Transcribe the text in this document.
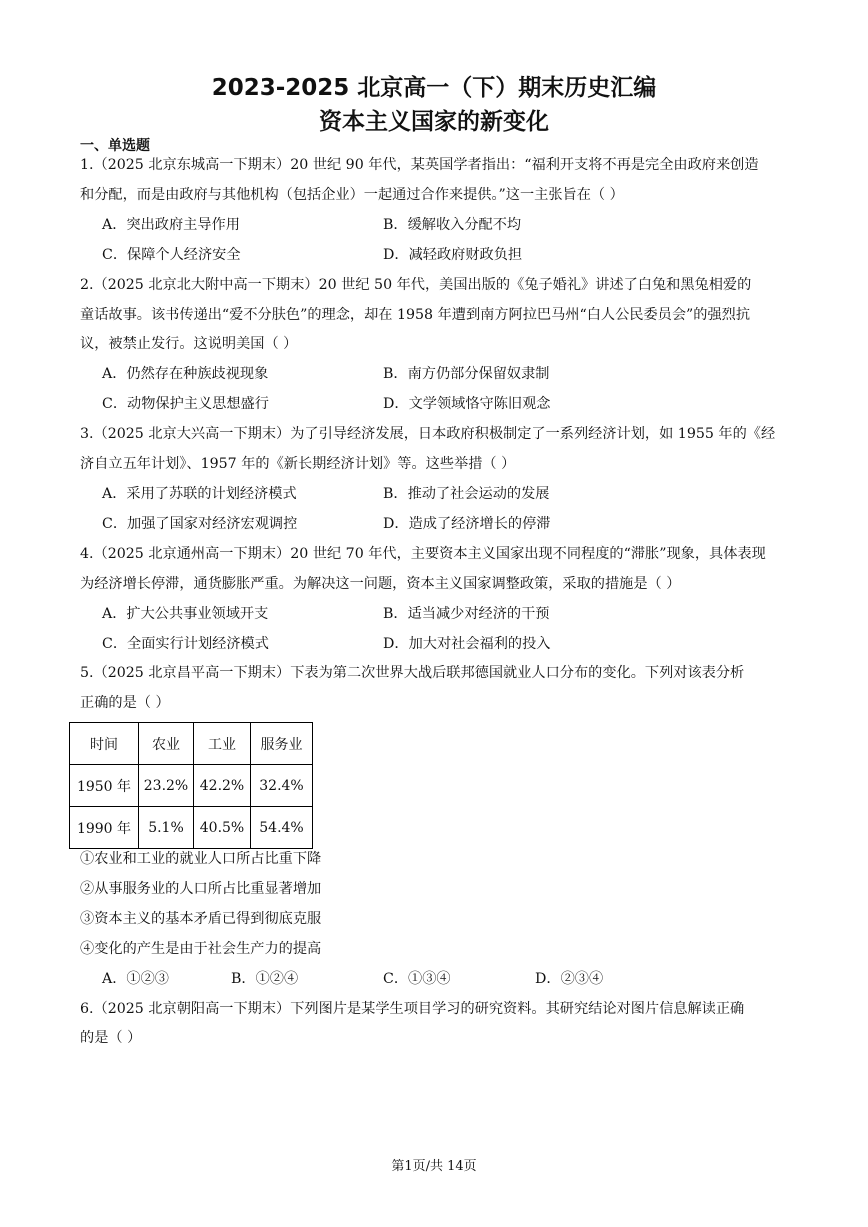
2023-2025 北京高一（下）期末历史汇编
资本主义国家的新变化
一、单选题
1.（2025 北京东城高一下期末）20 世纪 90 年代，某英国学者指出：“福利开支将不再是完全由政府来创造
和分配，而是由政府与其他机构（包括企业）一起通过合作来提供。”这一主张旨在（ ）
A．突出政府主导作用	B．缓解收入分配不均
C．保障个人经济安全	D．减轻政府财政负担
2.（2025 北京北大附中高一下期末）20 世纪 50 年代，美国出版的《兔子婚礼》讲述了白兔和黑兔相爱的
童话故事。该书传递出“爱不分肤色”的理念，却在 1958 年遭到南方阿拉巴马州“白人公民委员会”的强烈抗
议，被禁止发行。这说明美国（ ）
A．仍然存在种族歧视现象	B．南方仍部分保留奴隶制
C．动物保护主义思想盛行	D．文学领域恪守陈旧观念
3.（2025 北京大兴高一下期末）为了引导经济发展，日本政府积极制定了一系列经济计划，如 1955 年的《经
济自立五年计划》、1957 年的《新长期经济计划》等。这些举措（ ）
A．采用了苏联的计划经济模式	B．推动了社会运动的发展
C．加强了国家对经济宏观调控	D．造成了经济增长的停滞
4.（2025 北京通州高一下期末）20 世纪 70 年代，主要资本主义国家出现不同程度的“滞胀”现象，具体表现
为经济增长停滞，通货膨胀严重。为解决这一问题，资本主义国家调整政策，采取的措施是（ ）
A．扩大公共事业领域开支	B．适当减少对经济的干预
C．全面实行计划经济模式	D．加大对社会福利的投入
5.（2025 北京昌平高一下期末）下表为第二次世界大战后联邦德国就业人口分布的变化。下列对该表分析
正确的是（ ）
时间	农业	工业	服务业
1950 年	23.2%	42.2%	32.4%
1990 年	5.1%	40.5%	54.4%
①农业和工业的就业人口所占比重下降
②从事服务业的人口所占比重显著增加
③资本主义的基本矛盾已得到彻底克服
④变化的产生是由于社会生产力的提高
A．①②③	B．①②④	C．①③④	D．②③④
6.（2025 北京朝阳高一下期末）下列图片是某学生项目学习的研究资料。其研究结论对图片信息解读正确
的是（ ）
第1页/共 14页
